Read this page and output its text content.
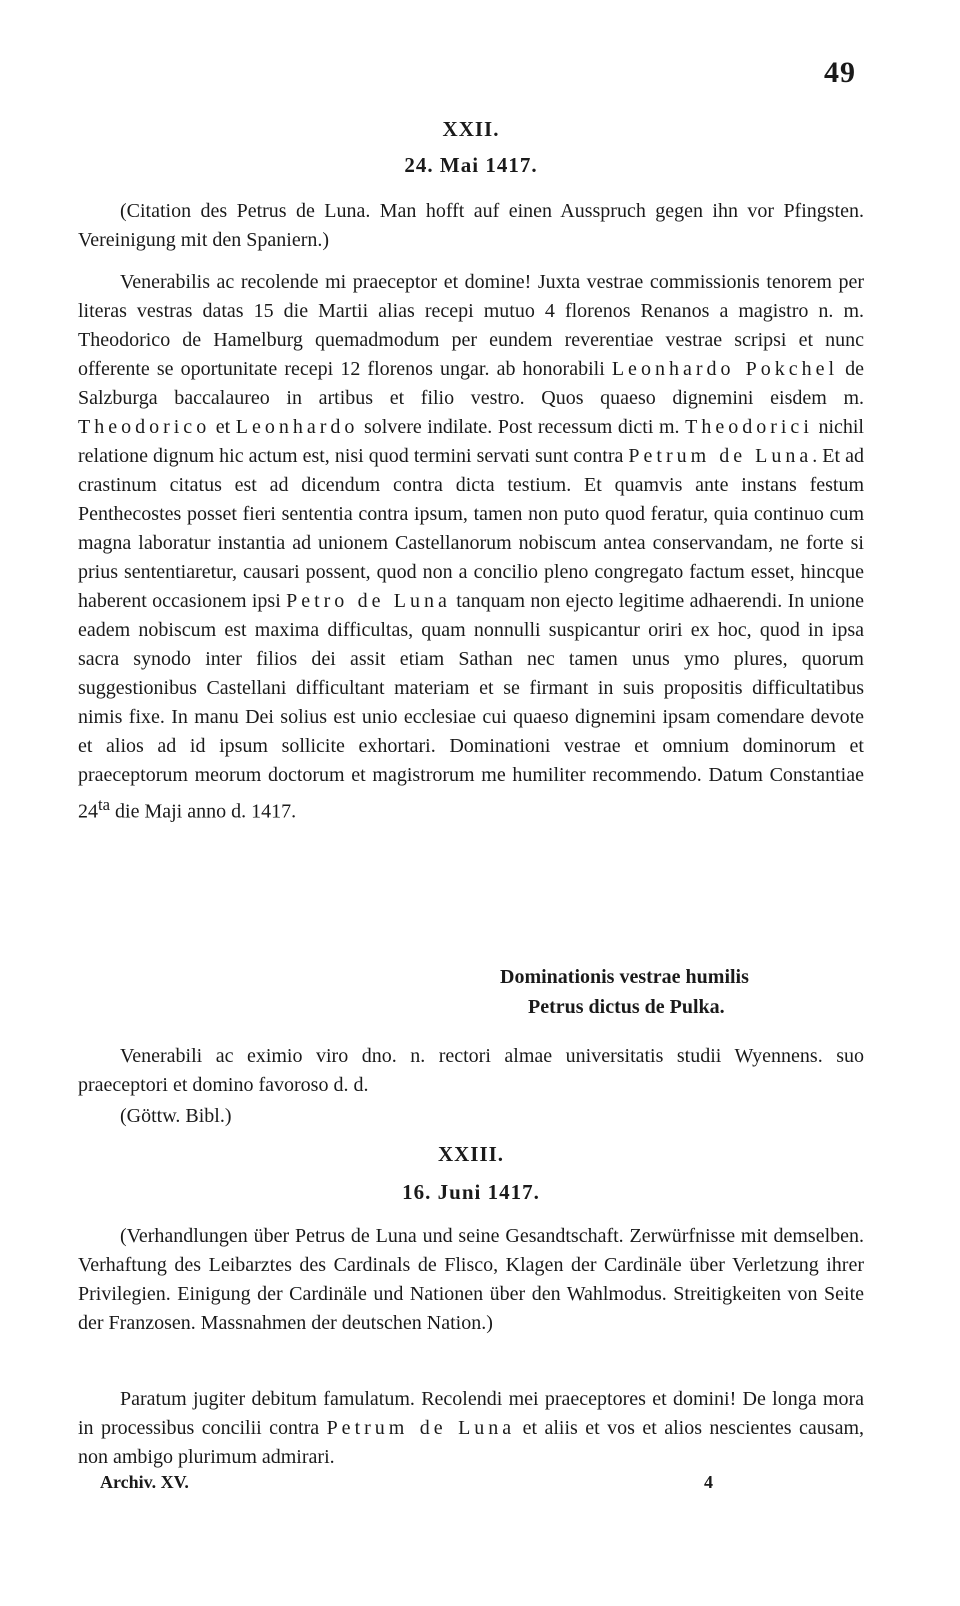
49
XXII.
24. Mai 1417.

(Citation des Petrus de Luna. Man hofft auf einen Ausspruch gegen ihn vor Pfingsten. Vereinigung mit den Spaniern.)

Venerabilis ac recolende mi praeceptor et domine! Juxta vestrae commissionis tenorem per literas vestras datas 15 die Martii alias recepi mutuo 4 florenos Renanos a magistro n. m. Theodorico de Hamelburg quemadmodum per eundem reverentiae vestrae scripsi et nunc offerente se oportunitate recepi 12 florenos ungar. ab honorabili Leonhardo Pokchel de Salzburga baccalaureo in artibus et filio vestro. Quos quaeso dignemini eisdem m. Theodorico et Leonhardo solvere indilate. Post recessum dicti m. Theodorici nichil relatione dignum hic actum est, nisi quod termini servati sunt contra Petrum de Luna. Et ad crastinum citatus est ad dicendum contra dicta testium. Et quamvis ante instans festum Penthecostes posset fieri sententia contra ipsum, tamen non puto quod feratur, quia continuo cum magna laboratur instantia ad unionem Castellanorum nobiscum antea conservandam, ne forte si prius sententiaretur, causari possent, quod non a concilio pleno congregato factum esset, hincque haberent occasionem ipsi Petro de Luna tanquam non ejecto legitime adhaerendi. In unione eadem nobiscum est maxima difficultas, quam nonnulli suspicantur oriri ex hoc, quod in ipsa sacra synodo inter filios dei assit etiam Sathan nec tamen unus ymo plures, quorum suggestionibus Castellani difficultant materiam et se firmant in suis propositis difficultatibus nimis fixe. In manu Dei solius est unio ecclesiae cui quaeso dignemini ipsam comendare devote et alios ad id ipsum sollicite exhortari. Dominationi vestrae et omnium dominorum et praeceptorum meorum doctorum et magistrorum me humiliter recommendo. Datum Constantiae $24^{ta}$ die Maji anno d. 1417.

Dominationis vestrae humilis
Petrus dictus de Pulka.

Venerabili ac eximio viro dno. n. rectori almae universitatis studii Wyennens. suo praeceptori et domino favoroso d. d.

(Göttw. Bibl.)

XXIII.
16. Juni 1417.

(Verhandlungen über Petrus de Luna und seine Gesandtschaft. Zerwürfnisse mit demselben. Verhaftung des Leibarztes des Cardinals de Flisco, Klagen der Cardinäle über Verletzung ihrer Privilegien. Einigung der Cardinäle und Nationen über den Wahlmodus. Streitigkeiten von Seite der Franzosen. Massnahmen der deutschen Nation.)

Paratum jugiter debitum famulatum. Recolendi mei praeceptores et domini! De longa mora in processibus concilii contra Petrum de Luna et aliis et vos et alios nescientes causam, non ambigo plurimum admirari.

Archiv. XV.	4
